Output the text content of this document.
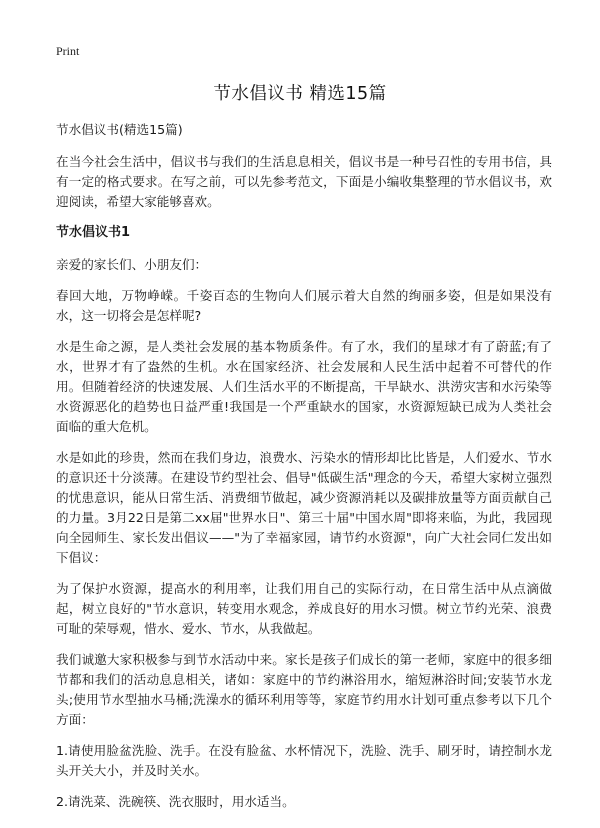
Print
节水倡议书 精选15篇

节水倡议书(精选15篇)

在当今社会生活中，倡议书与我们的生活息息相关，倡议书是一种号召性的专用书信，具有一定的格式要求。在写之前，可以先参考范文，下面是小编收集整理的节水倡议书，欢迎阅读，希望大家能够喜欢。

节水倡议书1

亲爱的家长们、小朋友们：

春回大地，万物峥嵘。千姿百态的生物向人们展示着大自然的绚丽多姿，但是如果没有水，这一切将会是怎样呢?

水是生命之源，是人类社会发展的基本物质条件。有了水，我们的星球才有了蔚蓝;有了水，世界才有了盎然的生机。水在国家经济、社会发展和人民生活中起着不可替代的作用。但随着经济的快速发展、人们生活水平的不断提高，干旱缺水、洪涝灾害和水污染等水资源恶化的趋势也日益严重!我国是一个严重缺水的国家，水资源短缺已成为人类社会面临的重大危机。

水是如此的珍贵，然而在我们身边，浪费水、污染水的情形却比比皆是，人们爱水、节水的意识还十分淡薄。在建设节约型社会、倡导"低碳生活"理念的今天，希望大家树立强烈的忧患意识，能从日常生活、消费细节做起，减少资源消耗以及碳排放量等方面贡献自己的力量。3月22日是第二xx届"世界水日"、第三十届"中国水周"即将来临，为此，我园现向全园师生、家长发出倡议——"为了幸福家园，请节约水资源"，向广大社会同仁发出如下倡议：

为了保护水资源，提高水的利用率，让我们用自己的实际行动，在日常生活中从点滴做起，树立良好的"节水意识，转变用水观念，养成良好的用水习惯。树立节约光荣、浪费可耻的荣辱观，惜水、爱水、节水，从我做起。

我们诚邀大家积极参与到节水活动中来。家长是孩子们成长的第一老师，家庭中的很多细节都和我们的活动息息相关，诸如：家庭中的节约淋浴用水，缩短淋浴时间;安装节水龙头;使用节水型抽水马桶;洗澡水的循环利用等等，家庭节约用水计划可重点参考以下几个方面：

1.请使用脸盆洗脸、洗手。在没有脸盆、水杯情况下，洗脸、洗手、刷牙时，请控制水龙头开关大小，并及时关水。

2.请洗菜、洗碗筷、洗衣服时，用水适当。
